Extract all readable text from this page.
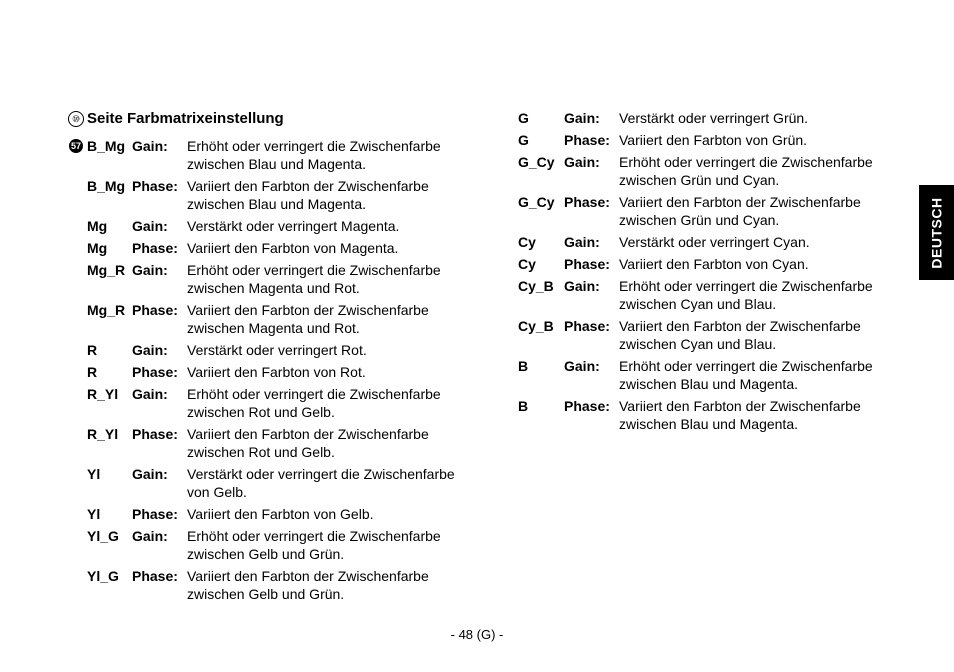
⑩ Seite Farbmatrixeinstellung
57 B_Mg Gain:	Erhöht oder verringert die Zwischenfarbe zwischen Blau und Magenta.
B_Mg Phase: Variiert den Farbton der Zwischenfarbe zwischen Blau und Magenta.
Mg	Gain:	Verstärkt oder verringert Magenta.
Mg	Phase: Variiert den Farbton von Magenta.
Mg_R Gain:	Erhöht oder verringert die Zwischenfarbe zwischen Magenta und Rot.
Mg_R Phase: Variiert den Farbton der Zwischenfarbe zwischen Magenta und Rot.
R	Gain:	Verstärkt oder verringert Rot.
R	Phase: Variiert den Farbton von Rot.
R_Yl Gain:	Erhöht oder verringert die Zwischenfarbe zwischen Rot und Gelb.
R_Yl Phase: Variiert den Farbton der Zwischenfarbe zwischen Rot und Gelb.
Yl	Gain:	Verstärkt oder verringert die Zwischenfarbe von Gelb.
Yl	Phase: Variiert den Farbton von Gelb.
Yl_G Gain:	Erhöht oder verringert die Zwischenfarbe zwischen Gelb und Grün.
Yl_G Phase: Variiert den Farbton der Zwischenfarbe zwischen Gelb und Grün.
G	Gain:	Verstärkt oder verringert Grün.
G	Phase: Variiert den Farbton von Grün.
G_Cy Gain:	Erhöht oder verringert die Zwischenfarbe zwischen Grün und Cyan.
G_Cy Phase: Variiert den Farbton der Zwischenfarbe zwischen Grün und Cyan.
Cy	Gain:	Verstärkt oder verringert Cyan.
Cy	Phase: Variiert den Farbton von Cyan.
Cy_B Gain:	Erhöht oder verringert die Zwischenfarbe zwischen Cyan und Blau.
Cy_B Phase: Variiert den Farbton der Zwischenfarbe zwischen Cyan und Blau.
B	Gain:	Erhöht oder verringert die Zwischenfarbe zwischen Blau und Magenta.
B	Phase: Variiert den Farbton der Zwischenfarbe zwischen Blau und Magenta.
DEUTSCH
- 48 (G) -
